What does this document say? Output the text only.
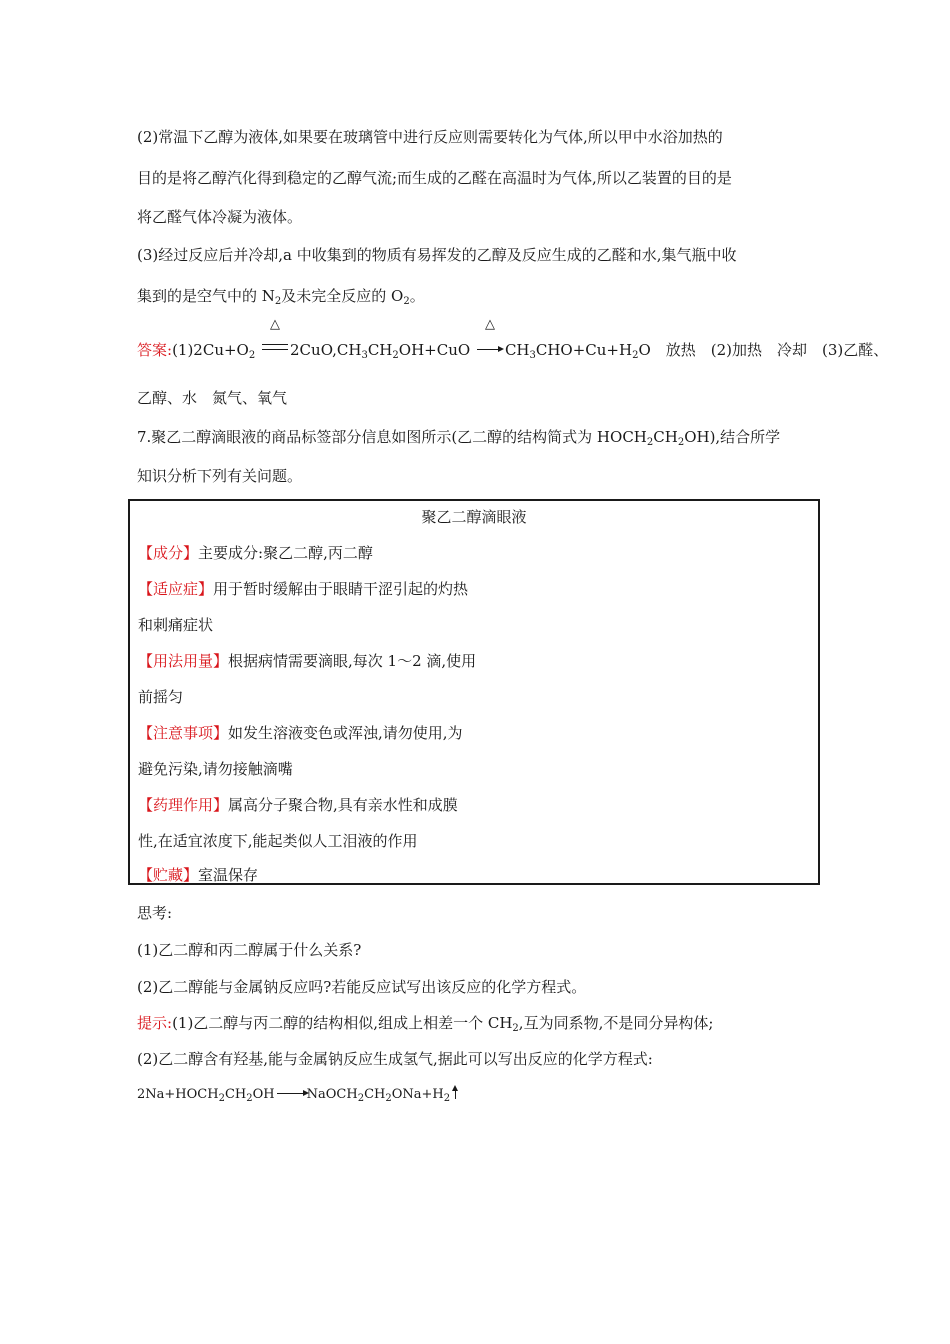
(2)常温下乙醇为液体,如果要在玻璃管中进行反应则需要转化为气体,所以甲中水浴加热的
目的是将乙醇汽化得到稳定的乙醇气流;而生成的乙醛在高温时为气体,所以乙装置的目的是
将乙醛气体冷凝为液体。
(3)经过反应后并冷却,a 中收集到的物质有易挥发的乙醇及反应生成的乙醛和水,集气瓶中收
集到的是空气中的 $N_2$及未完全反应的 $O_2$。
答案$:(1)2Cu+O_2$
△
$2CuO,CH_3CH_2OH+CuO$
△
$CH_3CHO+Cu+H_2O$　放热　(2)加热　冷却　(3)乙醛、
乙醇、水　氮气、氧气
7.聚乙二醇滴眼液的商品标签部分信息如图所示(乙二醇的结构简式为 $HOCH_2CH_2OH$),结合所学
知识分析下列有关问题。
聚乙二醇滴眼液
【成分】主要成分:聚乙二醇,丙二醇
【适应症】用于暂时缓解由于眼睛干涩引起的灼热
和刺痛症状
【用法用量】根据病情需要滴眼,每次 1～2 滴,使用
前摇匀
【注意事项】如发生溶液变色或浑浊,请勿使用,为
避免污染,请勿接触滴嘴
【药理作用】属高分子聚合物,具有亲水性和成膜
性,在适宜浓度下,能起类似人工泪液的作用
【贮藏】室温保存
思考:
(1)乙二醇和丙二醇属于什么关系?
(2)乙二醇能与金属钠反应吗?若能反应试写出该反应的化学方程式。
提示:(1)乙二醇与丙二醇的结构相似,组成上相差一个 $CH_2$,互为同系物,不是同分异构体;
(2)乙二醇含有羟基,能与金属钠反应生成氢气,据此可以写出反应的化学方程式:
$2Na+HOCH_2CH_2OH$ → $NaOCH_2CH_2ONa+H_2$
